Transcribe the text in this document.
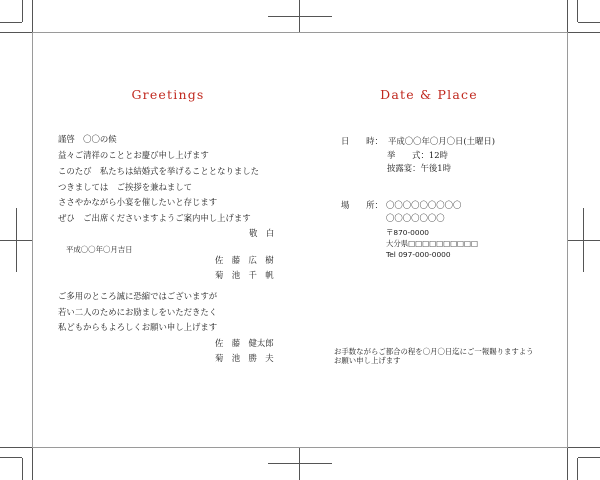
Greetings
謹啓　〇〇の候
益々ご清祥のこととお慶び申し上げます
このたび　私たちは結婚式を挙げることとなりました
つきましては　ご挨拶を兼ねまして
ささやかながら小宴を催したいと存じます
ぜひ　ご出席くださいますようご案内申し上げます
敬　白
平成〇〇年〇月吉日
佐　藤　広　樹
菊　池　千　帆
ご多用のところ誠に恐縮ではございますが
若い二人のためにお励ましをいただきたく
私どもからもよろしくお願い申し上げます
佐　藤　健太郎
菊　池　勝　夫
Date & Place
日　　時： 平成〇〇年〇月〇日(土曜日)
挙　　式：12時
披露宴：午後1時
場　　所： 〇〇〇〇〇〇〇〇〇
〇〇〇〇〇〇〇
〒870-0000
大分県□□□□□□□□□□
Tel 097-000-0000
お手数ながらご都合の程を〇月〇日迄にご一報賜りますよう
お願い申し上げます
